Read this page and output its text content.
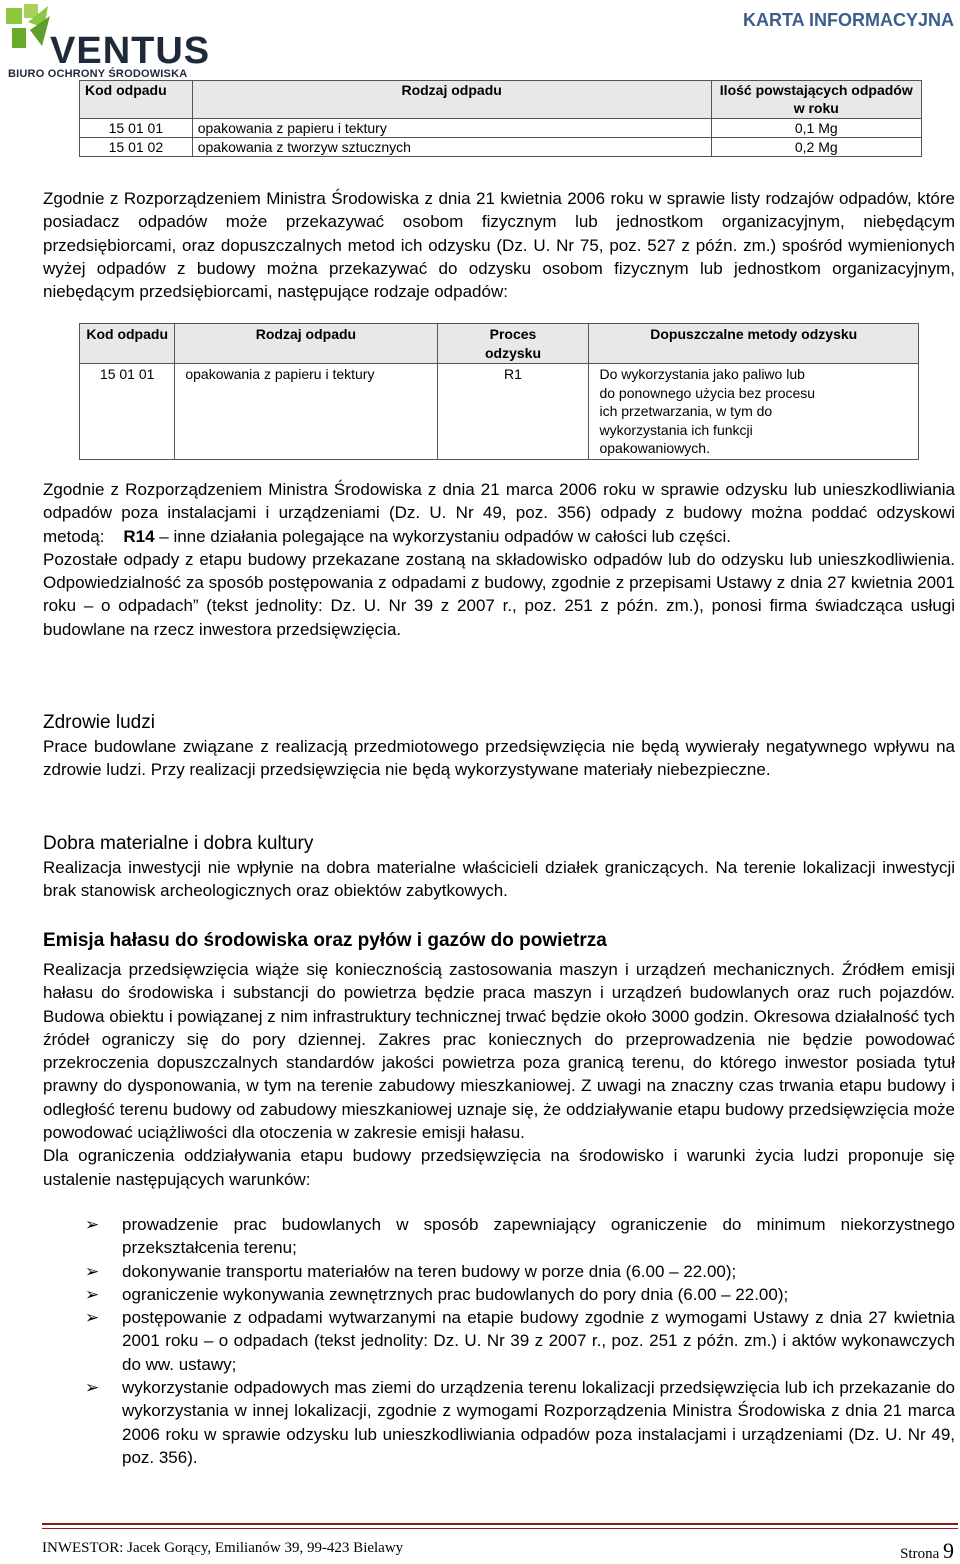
VENTUS
BIURO OCHRONY ŚRODOWISKA
KARTA INFORMACYJNA
Kod odpadu	Rodzaj odpadu	Ilość powstających odpadów w roku
15 01 01	opakowania z papieru i tektury	0,1 Mg
15 01 02	opakowania z tworzyw sztucznych	0,2 Mg

Zgodnie z Rozporządzeniem Ministra Środowiska z dnia 21 kwietnia 2006 roku w sprawie listy rodzajów odpadów, które posiadacz odpadów może przekazywać osobom fizycznym lub jednostkom organizacyjnym, niebędącym przedsiębiorcami, oraz dopuszczalnych metod ich odzysku (Dz. U. Nr 75, poz. 527 z późn. zm.) spośród wymienionych wyżej odpadów z budowy można przekazywać do odzysku osobom fizycznym lub jednostkom organizacyjnym, niebędącym przedsiębiorcami, następujące rodzaje odpadów:

Kod odpadu	Rodzaj odpadu	Proces odzysku	Dopuszczalne metody odzysku
15 01 01	opakowania z papieru i tektury	R1	Do wykorzystania jako paliwo lub do ponownego użycia bez procesu ich przetwarzania, w tym do wykorzystania ich funkcji opakowaniowych.

Zgodnie z Rozporządzeniem Ministra Środowiska z dnia 21 marca 2006 roku w sprawie odzysku lub unieszkodliwiania odpadów poza instalacjami i urządzeniami (Dz. U. Nr 49, poz. 356) odpady z budowy można poddać odzyskowi metodą: R14 – inne działania polegające na wykorzystaniu odpadów w całości lub części.

Pozostałe odpady z etapu budowy przekazane zostaną na składowisko odpadów lub do odzysku lub unieszkodliwienia. Odpowiedzialność za sposób postępowania z odpadami z budowy, zgodnie z przepisami Ustawy z dnia 27 kwietnia 2001 roku – o odpadach” (tekst jednolity: Dz. U. Nr 39 z 2007 r., poz. 251 z późn. zm.), ponosi firma świadcząca usługi budowlane na rzecz inwestora przedsięwzięcia.

Zdrowie ludzi
Prace budowlane związane z realizacją przedmiotowego przedsięwzięcia nie będą wywierały negatywnego wpływu na zdrowie ludzi. Przy realizacji przedsięwzięcia nie będą wykorzystywane materiały niebezpieczne.
Dobra materialne i dobra kultury
Realizacja inwestycji nie wpłynie na dobra materialne właścicieli działek graniczących. Na terenie lokalizacji inwestycji brak stanowisk archeologicznych oraz obiektów zabytkowych.
Emisja hałasu do środowiska oraz pyłów i gazów do powietrza

Realizacja przedsięwzięcia wiąże się koniecznością zastosowania maszyn i urządzeń mechanicznych. Źródłem emisji hałasu do środowiska i substancji do powietrza będzie praca maszyn i urządzeń budowlanych oraz ruch pojazdów. Budowa obiektu i powiązanej z nim infrastruktury technicznej trwać będzie około 3000 godzin. Okresowa działalność tych źródeł ograniczy się do pory dziennej. Zakres prac koniecznych do przeprowadzenia nie będzie powodować przekroczenia dopuszczalnych standardów jakości powietrza poza granicą terenu, do którego inwestor posiada tytuł prawny do dysponowania, w tym na terenie zabudowy mieszkaniowej. Z uwagi na znaczny czas trwania etapu budowy i odległość terenu budowy od zabudowy mieszkaniowej uznaje się, że oddziaływanie etapu budowy przedsięwzięcia może powodować uciążliwości dla otoczenia w zakresie emisji hałasu.

Dla ograniczenia oddziaływania etapu budowy przedsięwzięcia na środowisko i warunki życia ludzi proponuje się ustalenie następujących warunków:

➢ prowadzenie prac budowlanych w sposób zapewniający ograniczenie do minimum niekorzystnego przekształcenia terenu;
➢ dokonywanie transportu materiałów na teren budowy w porze dnia (6.00 – 22.00);
➢ ograniczenie wykonywania zewnętrznych prac budowlanych do pory dnia (6.00 – 22.00);
➢ postępowanie z odpadami wytwarzanymi na etapie budowy zgodnie z wymogami Ustawy z dnia 27 kwietnia 2001 roku – o odpadach (tekst jednolity: Dz. U. Nr 39 z 2007 r., poz. 251 z późn. zm.) i aktów wykonawczych do ww. ustawy;
➢ wykorzystanie odpadowych mas ziemi do urządzenia terenu lokalizacji przedsięwzięcia lub ich przekazanie do wykorzystania w innej lokalizacji, zgodnie z wymogami Rozporządzenia Ministra Środowiska z dnia 21 marca 2006 roku w sprawie odzysku lub unieszkodliwiania odpadów poza instalacjami i urządzeniami (Dz. U. Nr 49, poz. 356).
INWESTOR: Jacek Gorący, Emilianów 39, 99-423 Bielawy	Strona 9
